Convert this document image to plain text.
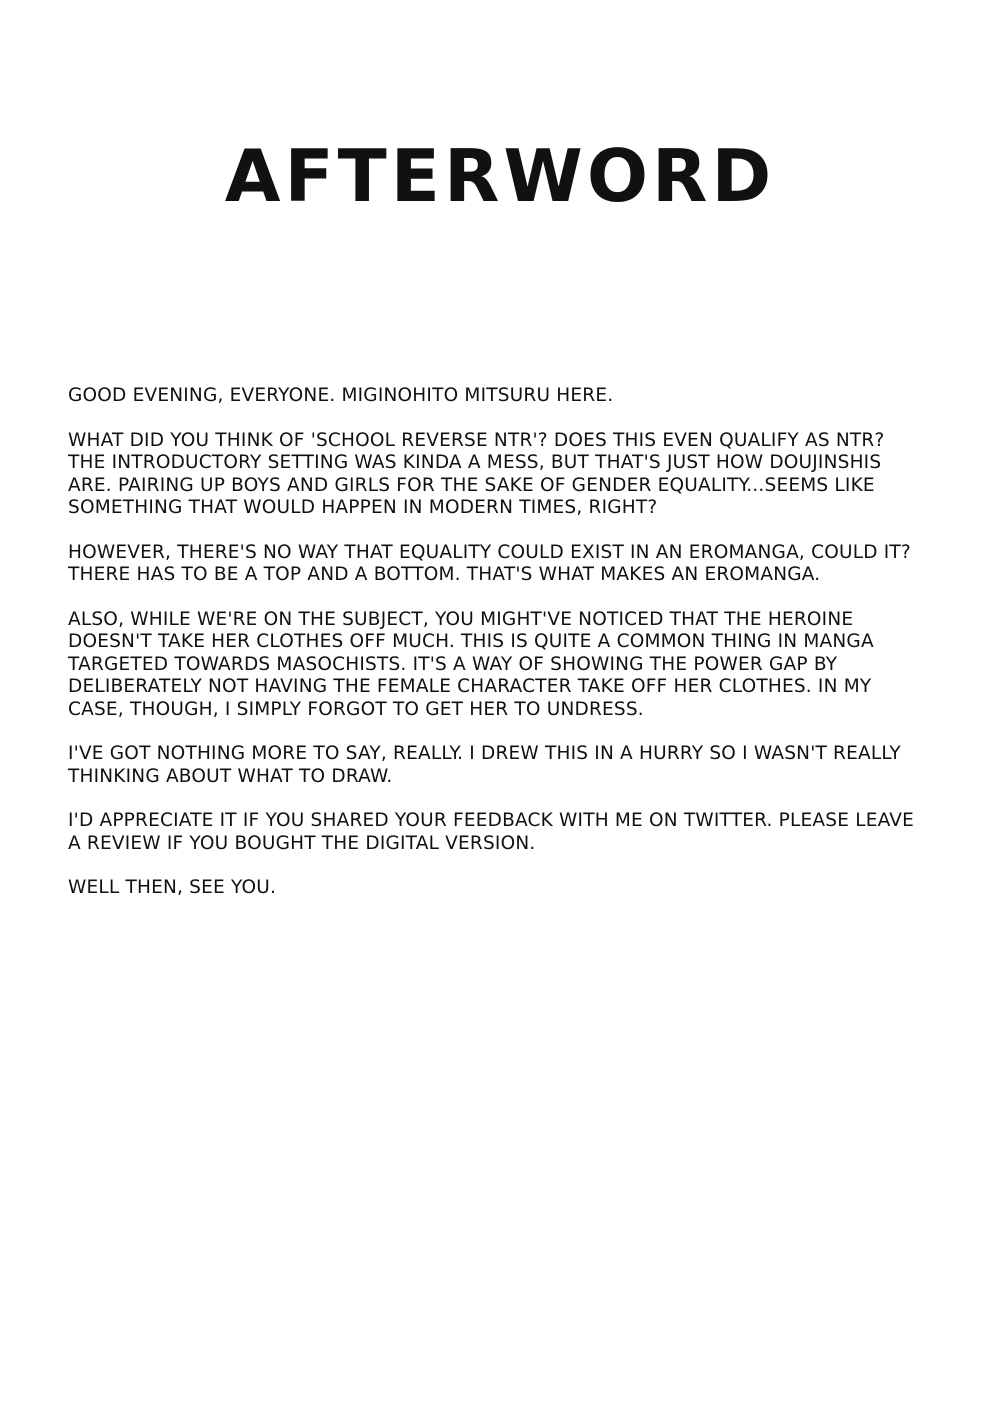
AFTERWORD

GOOD EVENING, EVERYONE. MIGINOHITO MITSURU HERE.

WHAT DID YOU THINK OF 'SCHOOL REVERSE NTR'? DOES THIS EVEN QUALIFY AS NTR? THE INTRODUCTORY SETTING WAS KINDA A MESS, BUT THAT'S JUST HOW DOUJINSHIS ARE. PAIRING UP BOYS AND GIRLS FOR THE SAKE OF GENDER EQUALITY...SEEMS LIKE SOMETHING THAT WOULD HAPPEN IN MODERN TIMES, RIGHT?

HOWEVER, THERE'S NO WAY THAT EQUALITY COULD EXIST IN AN EROMANGA, COULD IT? THERE HAS TO BE A TOP AND A BOTTOM. THAT'S WHAT MAKES AN EROMANGA.

ALSO, WHILE WE'RE ON THE SUBJECT, YOU MIGHT'VE NOTICED THAT THE HEROINE DOESN'T TAKE HER CLOTHES OFF MUCH. THIS IS QUITE A COMMON THING IN MANGA TARGETED TOWARDS MASOCHISTS. IT'S A WAY OF SHOWING THE POWER GAP BY DELIBERATELY NOT HAVING THE FEMALE CHARACTER TAKE OFF HER CLOTHES. IN MY CASE, THOUGH, I SIMPLY FORGOT TO GET HER TO UNDRESS.

I'VE GOT NOTHING MORE TO SAY, REALLY. I DREW THIS IN A HURRY SO I WASN'T REALLY THINKING ABOUT WHAT TO DRAW.

I'D APPRECIATE IT IF YOU SHARED YOUR FEEDBACK WITH ME ON TWITTER. PLEASE LEAVE A REVIEW IF YOU BOUGHT THE DIGITAL VERSION.

WELL THEN, SEE YOU.
